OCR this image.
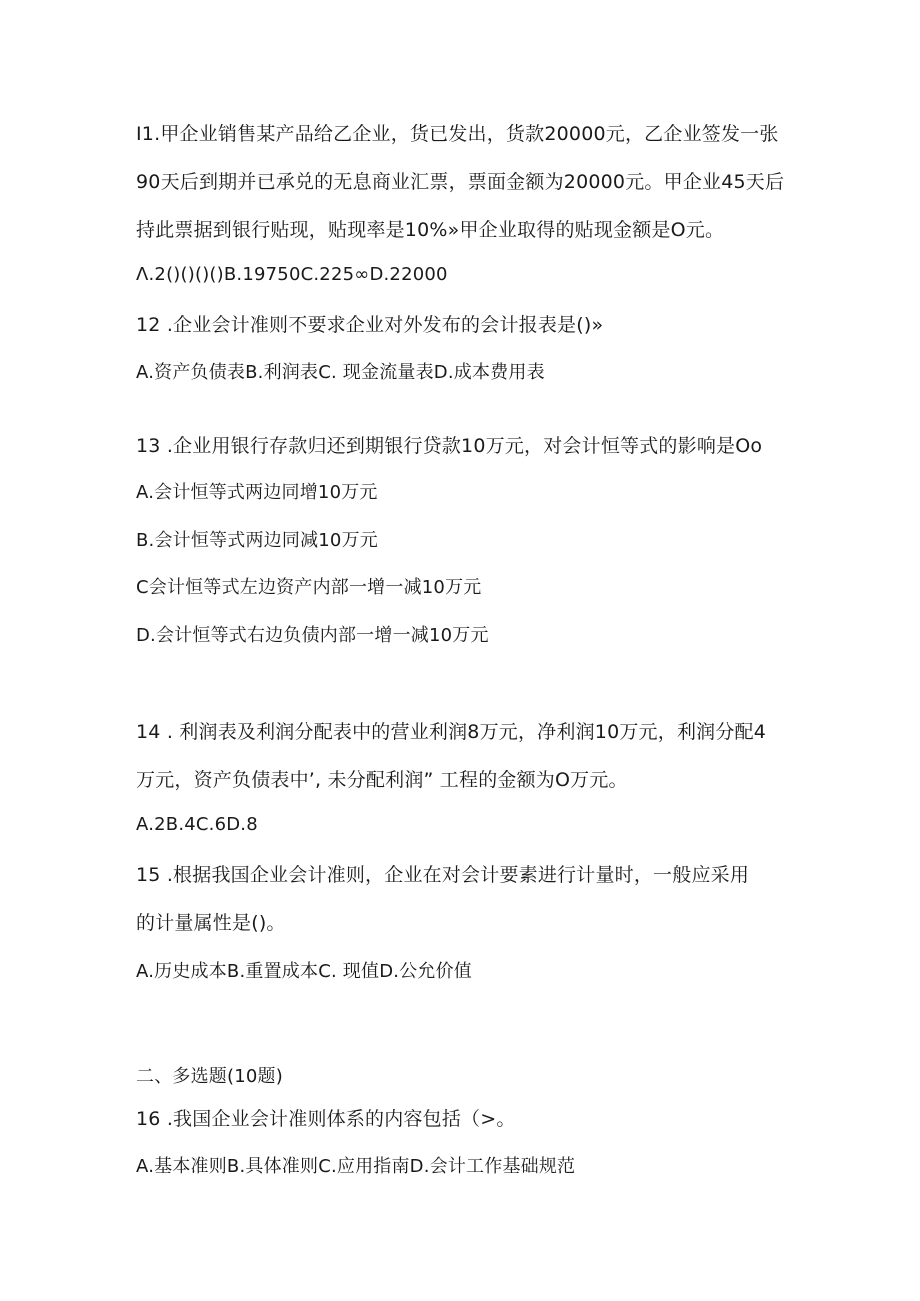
I1.甲企业销售某产品给乙企业，货已发出，货款20000元，乙企业签发一张
90天后到期并已承兑的无息商业汇票，票面金额为20000元。甲企业45天后
持此票据到银行贴现，贴现率是10%»甲企业取得的贴现金额是O元。
Λ.2()()()()B.19750C.225∞D.22000
12 .企业会计准则不要求企业对外发布的会计报表是()»
A.资产负债表B.利润表C. 现金流量表D.成本费用表
13 .企业用银行存款归还到期银行贷款10万元，对会计恒等式的影响是Oo
A.会计恒等式两边同增10万元
B.会计恒等式两边同减10万元
C会计恒等式左边资产内部一增一减10万元
D.会计恒等式右边负债内部一增一减10万元
14 . 利润表及利润分配表中的营业利润8万元，净利润10万元，利润分配4
万元，资产负债表中’, 未分配利润” 工程的金额为O万元。
A.2B.4C.6D.8
15 .根据我国企业会计准则，企业在对会计要素进行计量时，一般应采用
的计量属性是()。
A.历史成本B.重置成本C. 现值D.公允价值
二、多选题(10题)
16 .我国企业会计准则体系的内容包括（>。
A.基本准则B.具体准则C.应用指南D.会计工作基础规范
